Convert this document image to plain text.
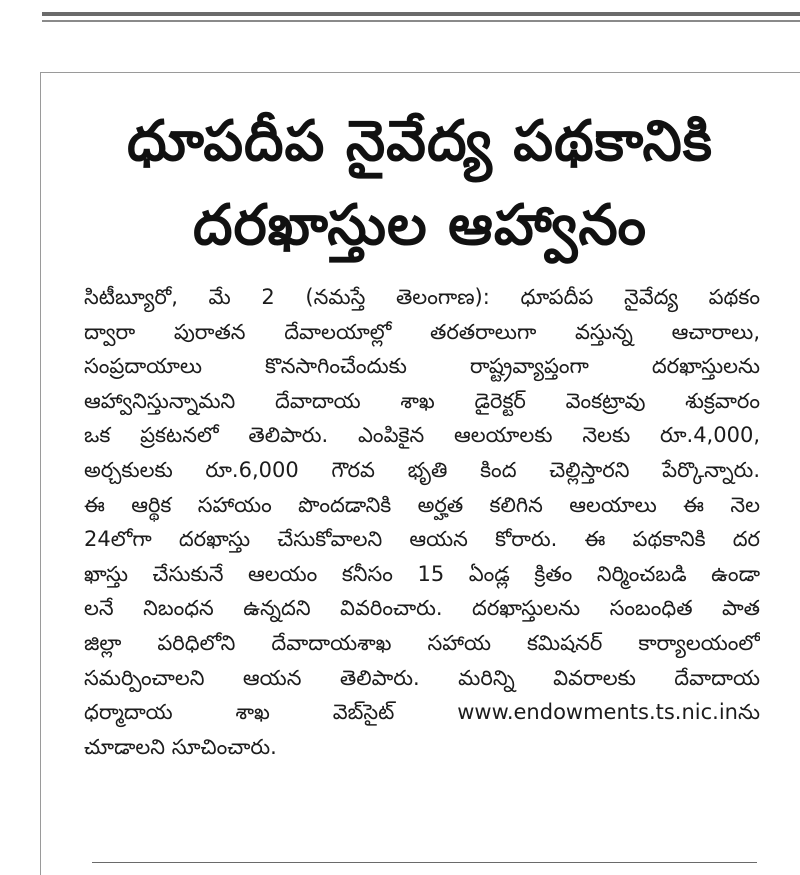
ధూపదీప నైవేద్య పథకానికి
దరఖాస్తుల ఆహ్వానం
సిటీబ్యూరో, మే 2 (నమస్తే తెలంగాణ): ధూపదీప నైవేద్య పథకం
ద్వారా పురాతన దేవాలయాల్లో తరతరాలుగా వస్తున్న ఆచారాలు,
సంప్రదాయాలు కొనసాగించేందుకు రాష్ట్రవ్యాప్తంగా దరఖాస్తులను
ఆహ్వానిస్తున్నామని దేవాదాయ శాఖ డైరెక్టర్ వెంకట్రావు శుక్రవారం
ఒక ప్రకటనలో తెలిపారు. ఎంపికైన ఆలయాలకు నెలకు రూ.4,000,
అర్చకులకు రూ.6,000 గౌరవ భృతి కింద చెల్లిస్తారని పేర్కొన్నారు.
ఈ ఆర్థిక సహాయం పొందడానికి అర్హత కలిగిన ఆలయాలు ఈ నెల
24లోగా దరఖాస్తు చేసుకోవాలని ఆయన కోరారు. ఈ పథకానికి దర
ఖాస్తు చేసుకునే ఆలయం కనీసం 15 ఏండ్ల క్రితం నిర్మించబడి ఉండా
లనే నిబంధన ఉన్నదని వివరించారు. దరఖాస్తులను సంబంధిత పాత
జిల్లా పరిధిలోని దేవాదాయశాఖ సహాయ కమిషనర్ కార్యాలయంలో
సమర్పించాలని ఆయన తెలిపారు. మరిన్ని వివరాలకు దేవాదాయ
ధర్మాదాయ శాఖ వెబ్‌సైట్ www.endowments.ts.nic.inను
చూడాలని సూచించారు.
